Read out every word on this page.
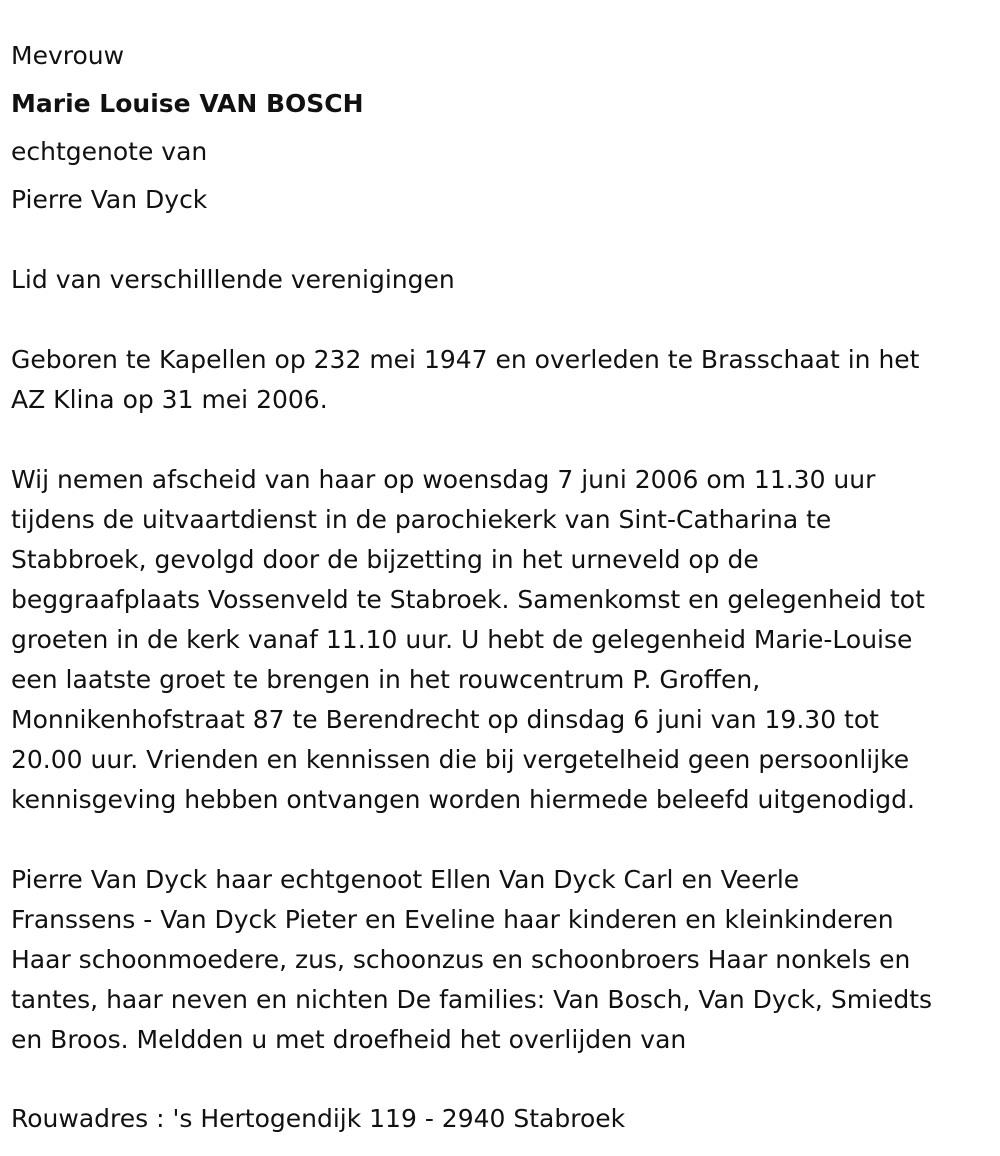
Mevrouw

Marie Louise VAN BOSCH

echtgenote van

Pierre Van Dyck

Lid van verschilllende verenigingen

Geboren te Kapellen op 232 mei 1947 en overleden te Brasschaat in het
AZ Klina op 31 mei 2006.
Wij nemen afscheid van haar op woensdag 7 juni 2006 om 11.30 uur
tijdens de uitvaartdienst in de parochiekerk van Sint-Catharina te
Stabbroek, gevolgd door de bijzetting in het urneveld op de
beggraafplaats Vossenveld te Stabroek. Samenkomst en gelegenheid tot
groeten in de kerk vanaf 11.10 uur. U hebt de gelegenheid Marie-Louise
een laatste groet te brengen in het rouwcentrum P. Groffen,
Monnikenhofstraat 87 te Berendrecht op dinsdag 6 juni van 19.30 tot
20.00 uur. Vrienden en kennissen die bij vergetelheid geen persoonlijke
kennisgeving hebben ontvangen worden hiermede beleefd uitgenodigd.
Pierre Van Dyck haar echtgenoot Ellen Van Dyck Carl en Veerle
Franssens - Van Dyck Pieter en Eveline haar kinderen en kleinkinderen
Haar schoonmoedere, zus, schoonzus en schoonbroers Haar nonkels en
tantes, haar neven en nichten De families: Van Bosch, Van Dyck, Smiedts
en Broos. Meldden u met droefheid het overlijden van

Rouwadres : 's Hertogendijk 119 - 2940 Stabroek
